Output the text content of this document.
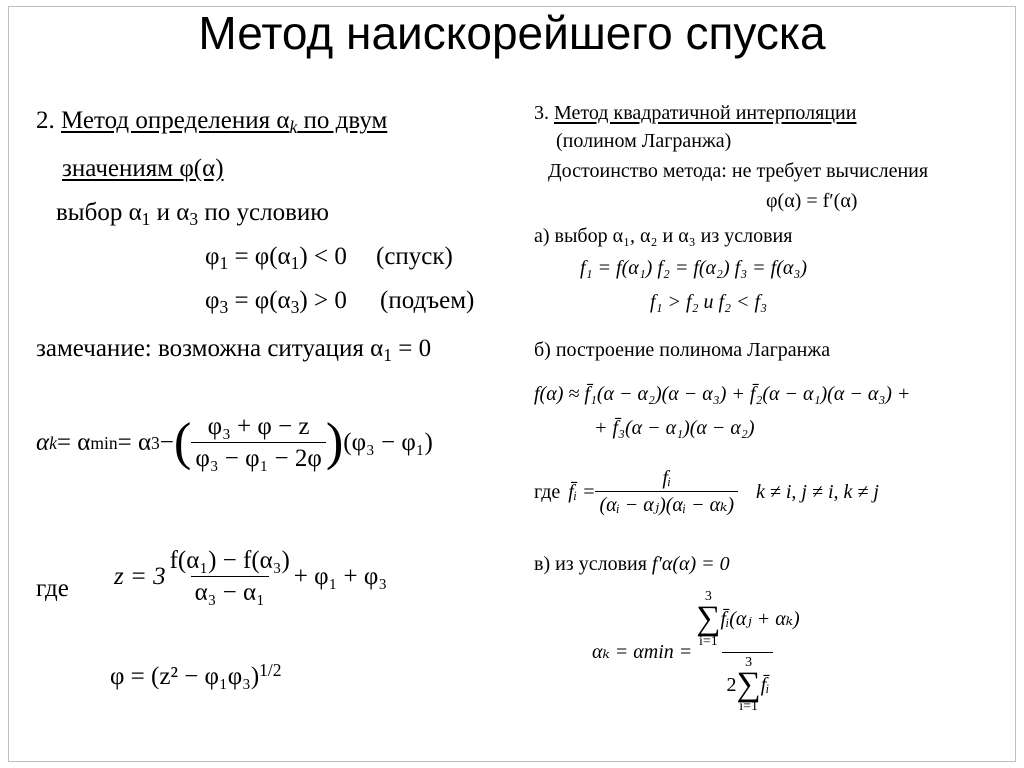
Метод наискорейшего спуска
2. Метод определения $\alpha_k$ по двум
значениям φ(α)
выбор $\alpha_1$ и $\alpha_3$ по условию
$\varphi_1 = \varphi(\alpha_1) < 0$ (спуск)
$\varphi_3 = \varphi(\alpha_3) > 0$ (подъем)
замечание: возможна ситуация $\alpha_1 = 0$
α k = α min = α 3 − ( $\frac{\text{φ₃ + φ − z}}{\text{φ₃ − φ₁ − 2φ}}$ ) (φ₃ − φ₁)
где $z = 3 \frac{\text{f(α₁) − f(α₃)}}{\text{α₃ − α₁}} + \varphi_1 + \varphi_3$
$\varphi = (z^2 - \varphi_1\varphi_3)^{1/2}$
3. Метод квадратичной интерполяции
(полином Лагранжа)
Достоинство метода: не требует вычисления
φ(α) = f′(α)
а) выбор α₁, α₂ и α₃ из условия
f₁ = f(α₁) f₂ = f(α₂) f₃ = f(α₃)
f₁ > f₂ и f₂ < f₃
б) построение полинома Лагранжа
f(α) ≈ f̄₁(α − α₂)(α − α₃) + f̄₂(α − α₁)(α − α₃) +
+ f̄₃(α − α₁)(α − α₂)
где f̄ᵢ = $\frac{\text{fᵢ}}{\text{(αᵢ − αⱼ)(αᵢ − αₖ)}}$ k ≠ i, j ≠ i, k ≠ j
в) из условия f′α(α) = 0
αₖ = αmin = 3
∑
i=1
f̄ᵢ(αⱼ + αₖ)
2
3
∑
i=1
f̄ᵢ
